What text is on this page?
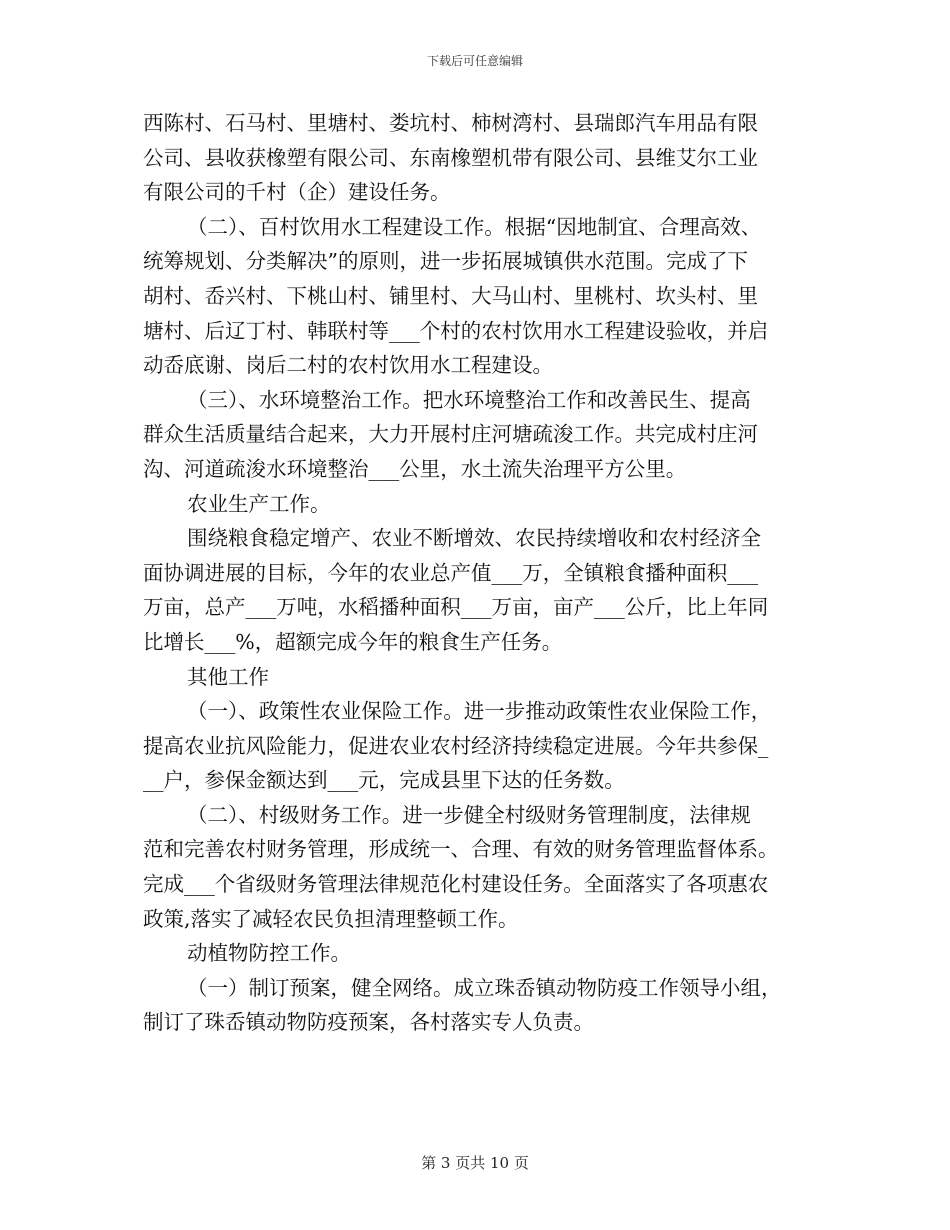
下载后可任意编辑
西陈村、石马村、里塘村、娄坑村、柿树湾村、县瑞郎汽车用品有限
公司、县收获橡塑有限公司、东南橡塑机带有限公司、县维艾尔工业
有限公司的千村（企）建设任务。
（二）、百村饮用水工程建设工作。根据“因地制宜、合理高效、
统筹规划、分类解决”的原则，进一步拓展城镇供水范围。完成了下
胡村、岙兴村、下桃山村、铺里村、大马山村、里桃村、坎头村、里
塘村、后辽丁村、韩联村等___个村的农村饮用水工程建设验收，并启
动岙底谢、岗后二村的农村饮用水工程建设。
（三）、水环境整治工作。把水环境整治工作和改善民生、提高
群众生活质量结合起来，大力开展村庄河塘疏浚工作。共完成村庄河
沟、河道疏浚水环境整治___公里，水土流失治理平方公里。
农业生产工作。
围绕粮食稳定增产、农业不断增效、农民持续增收和农村经济全
面协调进展的目标，今年的农业总产值___万，全镇粮食播种面积___
万亩，总产___万吨，水稻播种面积___万亩，亩产___公斤，比上年同
比增长___%，超额完成今年的粮食生产任务。
其他工作
（一）、政策性农业保险工作。进一步推动政策性农业保险工作，
提高农业抗风险能力，促进农业农村经济持续稳定进展。今年共参保_
__户，参保金额达到___元，完成县里下达的任务数。
（二）、村级财务工作。进一步健全村级财务管理制度，法律规
范和完善农村财务管理，形成统一、合理、有效的财务管理监督体系。
完成___个省级财务管理法律规范化村建设任务。全面落实了各项惠农
政策,落实了减轻农民负担清理整顿工作。
动植物防控工作。
（一）制订预案，健全网络。成立珠岙镇动物防疫工作领导小组，
制订了珠岙镇动物防疫预案，各村落实专人负责。
第 3 页共 10 页
